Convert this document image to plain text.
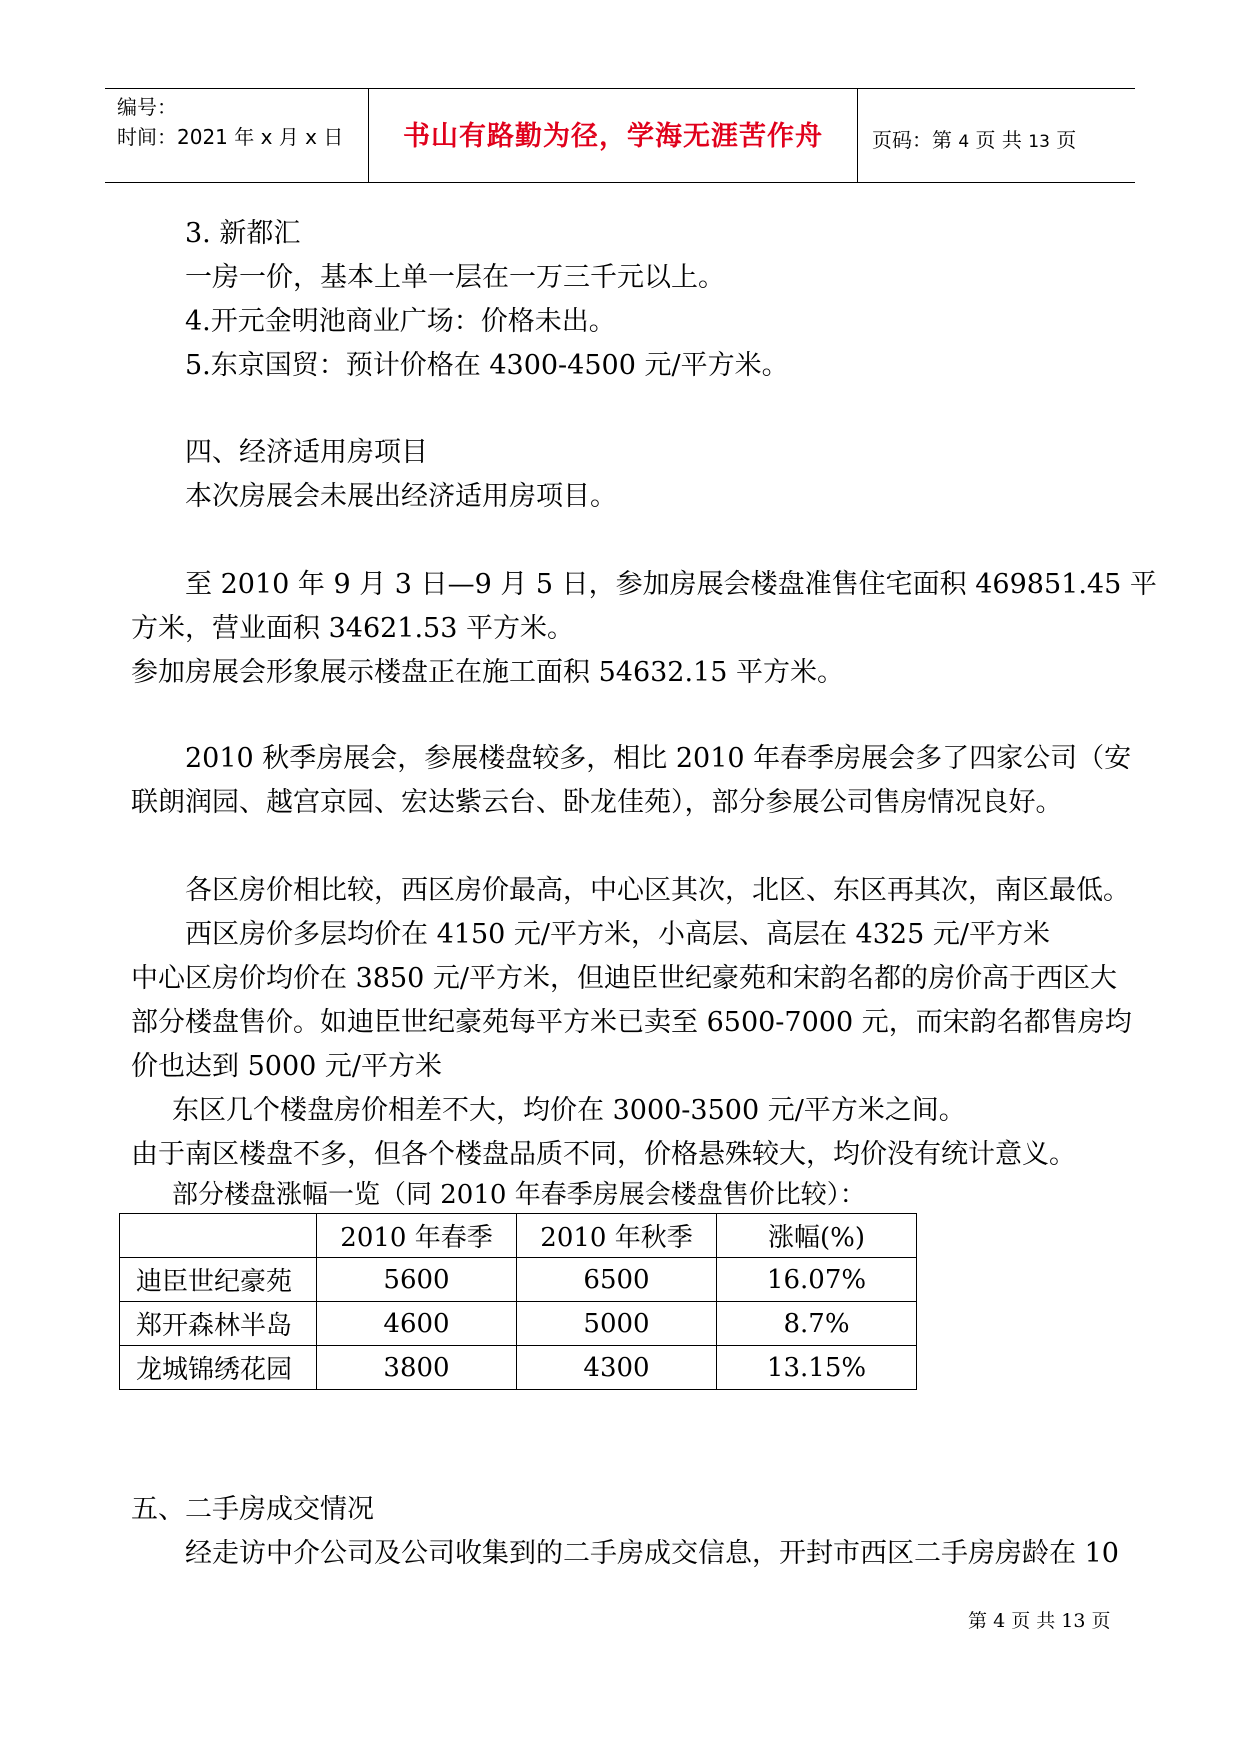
编号：
时间：2021 年 x 月 x 日	书山有路勤为径，学海无涯苦作舟	页码：第 4 页 共 13 页
3. 新都汇
一房一价，基本上单一层在一万三千元以上。
4.开元金明池商业广场：价格未出。
5.东京国贸：预计价格在 4300-4500 元/平方米。
四、经济适用房项目
本次房展会未展出经济适用房项目。
至 2010 年 9 月 3 日—9 月 5 日，参加房展会楼盘准售住宅面积 469851.45 平
方米，营业面积 34621.53 平方米。
参加房展会形象展示楼盘正在施工面积 54632.15 平方米。
2010 秋季房展会，参展楼盘较多，相比 2010 年春季房展会多了四家公司（安
联朗润园、越宫京园、宏达紫云台、卧龙佳苑），部分参展公司售房情况良好。
各区房价相比较，西区房价最高，中心区其次，北区、东区再其次，南区最低。
西区房价多层均价在 4150 元/平方米，小高层、高层在 4325 元/平方米
中心区房价均价在 3850 元/平方米，但迪臣世纪豪苑和宋韵名都的房价高于西区大
部分楼盘售价。如迪臣世纪豪苑每平方米已卖至 6500-7000 元，而宋韵名都售房均
价也达到 5000 元/平方米
东区几个楼盘房价相差不大，均价在 3000-3500 元/平方米之间。
由于南区楼盘不多，但各个楼盘品质不同，价格悬殊较大，均价没有统计意义。
部分楼盘涨幅一览（同 2010 年春季房展会楼盘售价比较）：
	2010 年春季	2010 年秋季	涨幅(%)
迪臣世纪豪苑	5600	6500	16.07%
郑开森林半岛	4600	5000	8.7%
龙城锦绣花园	3800	4300	13.15%
五、二手房成交情况
经走访中介公司及公司收集到的二手房成交信息，开封市西区二手房房龄在 10
第 4 页 共 13 页
